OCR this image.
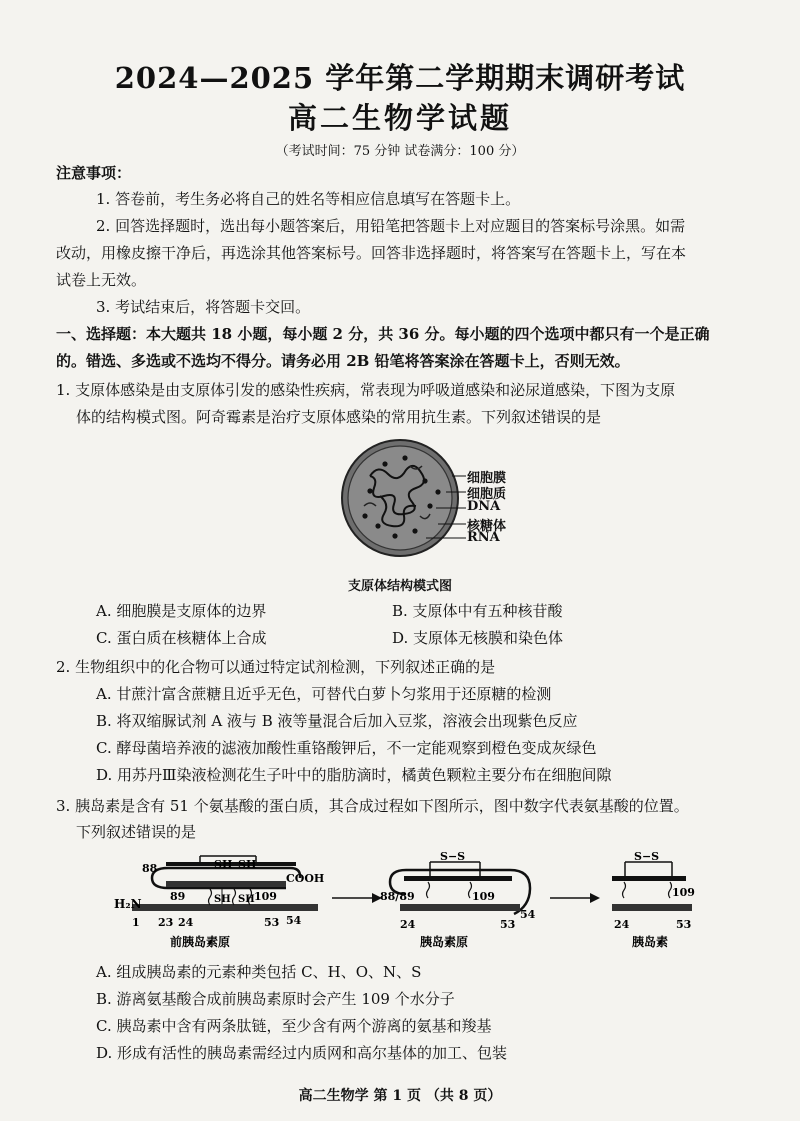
2024—2025 学年第二学期期末调研考试
高二生物学试题
（考试时间：75 分钟 试卷满分：100 分）
注意事项：
1. 答卷前，考生务必将自己的姓名等相应信息填写在答题卡上。
2. 回答选择题时，选出每小题答案后，用铅笔把答题卡上对应题目的答案标号涂黑。如需
改动，用橡皮擦干净后，再选涂其他答案标号。回答非选择题时，将答案写在答题卡上，写在本
试卷上无效。
3. 考试结束后，将答题卡交回。
一、选择题：本大题共 18 小题，每小题 2 分，共 36 分。每小题的四个选项中都只有一个是正确
的。错选、多选或不选均不得分。请务必用 2B 铅笔将答案涂在答题卡上，否则无效。
1. 支原体感染是由支原体引发的感染性疾病，常表现为呼吸道感染和泌尿道感染，下图为支原
体的结构模式图。阿奇霉素是治疗支原体感染的常用抗生素。下列叙述错误的是
细胞膜
细胞质
DNA
核糖体
RNA
支原体结构模式图
A. 细胞膜是支原体的边界	B. 支原体中有五种核苷酸
C. 蛋白质在核糖体上合成	D. 支原体无核膜和染色体
2. 生物组织中的化合物可以通过特定试剂检测，下列叙述正确的是
A. 甘蔗汁富含蔗糖且近乎无色，可替代白萝卜匀浆用于还原糖的检测
B. 将双缩脲试剂 A 液与 B 液等量混合后加入豆浆，溶液会出现紫色反应
C. 酵母菌培养液的滤液加酸性重铬酸钾后，不一定能观察到橙色变成灰绿色
D. 用苏丹Ⅲ染液检测花生子叶中的脂肪滴时，橘黄色颗粒主要分布在细胞间隙
3. 胰岛素是含有 51 个氨基酸的蛋白质，其合成过程如下图所示，图中数字代表氨基酸的位置。
下列叙述错误的是
SH SH
SH SH
COOH
88
89	109
H₂N
1 23 24	53 54
S−S
88/89	109
24	53
54
S−S
109
24	53
前胰岛素原	胰岛素原	胰岛素
A. 组成胰岛素的元素种类包括 C、H、O、N、S
B. 游离氨基酸合成前胰岛素原时会产生 109 个水分子
C. 胰岛素中含有两条肽链，至少含有两个游离的氨基和羧基
D. 形成有活性的胰岛素需经过内质网和高尔基体的加工、包装
高二生物学 第 1 页 （共 8 页）
